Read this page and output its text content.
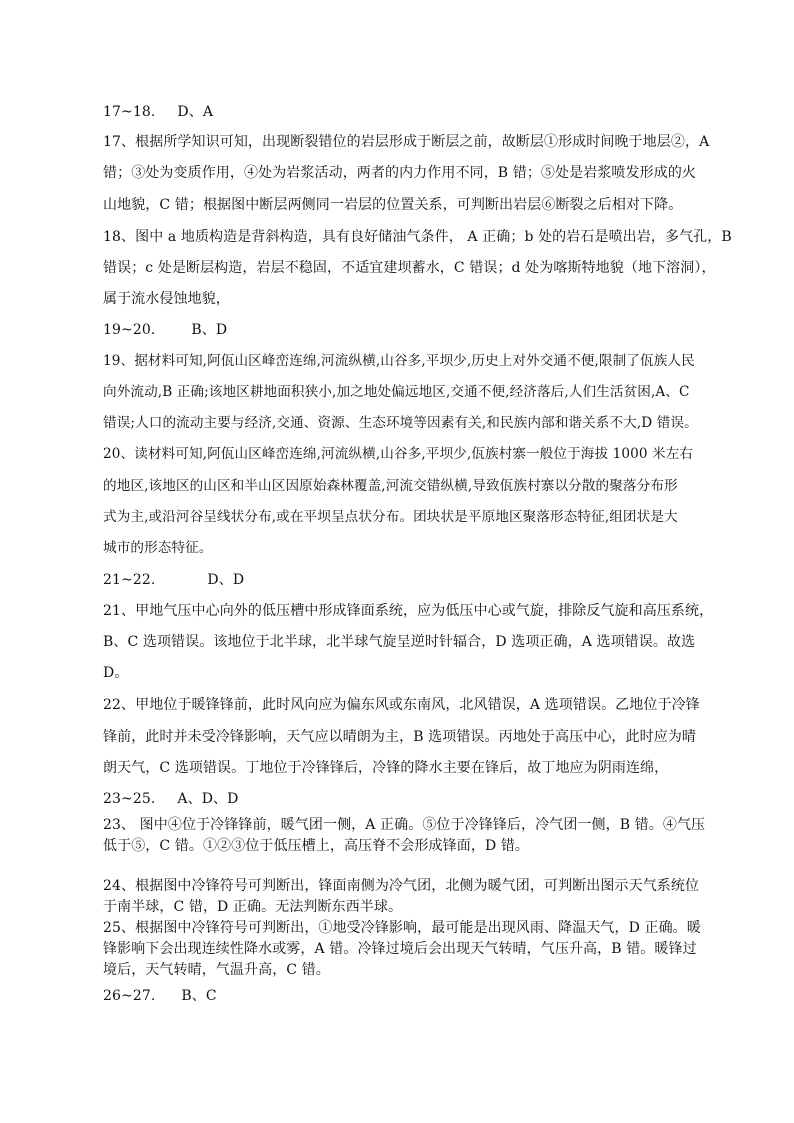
17~18. D、A
17、根据所学知识可知，出现断裂错位的岩层形成于断层之前，故断层①形成时间晚于地层②，A
错；③处为变质作用，④处为岩浆活动，两者的内力作用不同，B 错；⑤处是岩浆喷发形成的火
山地貌，C 错；根据图中断层两侧同一岩层的位置关系，可判断出岩层⑥断裂之后相对下降。
18、图中 a 地质构造是背斜构造，具有良好储油气条件， A 正确；b 处的岩石是喷出岩，多气孔，B
错误；c 处是断层构造，岩层不稳固，不适宜建坝蓄水，C 错误；d 处为喀斯特地貌（地下溶洞），
属于流水侵蚀地貌，
19~20.	B、D
19、据材料可知,阿佤山区峰峦连绵,河流纵横,山谷多,平坝少,历史上对外交通不便,限制了佤族人民
向外流动,B 正确;该地区耕地面积狭小,加之地处偏远地区,交通不便,经济落后,人们生活贫困,A、C
错误;人口的流动主要与经济,交通、资源、生态环境等因素有关,和民族内部和谐关系不大,D 错误。
20、读材料可知,阿佤山区峰峦连绵,河流纵横,山谷多,平坝少,佤族村寨一般位于海拔 1000 米左右
的地区,该地区的山区和半山区因原始森林覆盖,河流交错纵横,导致佤族村寨以分散的聚落分布形
式为主,或沿河谷呈线状分布,或在平坝呈点状分布。团块状是平原地区聚落形态特征,组团状是大
城市的形态特征。
21~22.	D、D
21、甲地气压中心向外的低压槽中形成锋面系统，应为低压中心或气旋，排除反气旋和高压系统，
B、C 选项错误。该地位于北半球，北半球气旋呈逆时针辐合，D 选项正确，A 选项错误。故选
D。
22、甲地位于暖锋锋前，此时风向应为偏东风或东南风，北风错误，A 选项错误。乙地位于冷锋
锋前，此时并未受冷锋影响，天气应以晴朗为主，B 选项错误。丙地处于高压中心，此时应为晴
朗天气，C 选项错误。丁地位于冷锋锋后，冷锋的降水主要在锋后，故丁地应为阴雨连绵，
23~25. A、D、D
23、 图中④位于冷锋锋前，暖气团一侧，A 正确。⑤位于冷锋锋后，冷气团一侧，B 错。④气压
低于⑤，C 错。①②③位于低压槽上，高压脊不会形成锋面，D 错。
24、根据图中冷锋符号可判断出，锋面南侧为冷气团，北侧为暖气团，可判断出图示天气系统位
于南半球，C 错，D 正确。无法判断东西半球。
25、根据图中冷锋符号可判断出，①地受冷锋影响，最可能是出现风雨、降温天气，D 正确。暖
锋影响下会出现连续性降水或雾，A 错。冷锋过境后会出现天气转晴，气压升高，B 错。暖锋过
境后，天气转晴，气温升高，C 错。
26~27. B、C
